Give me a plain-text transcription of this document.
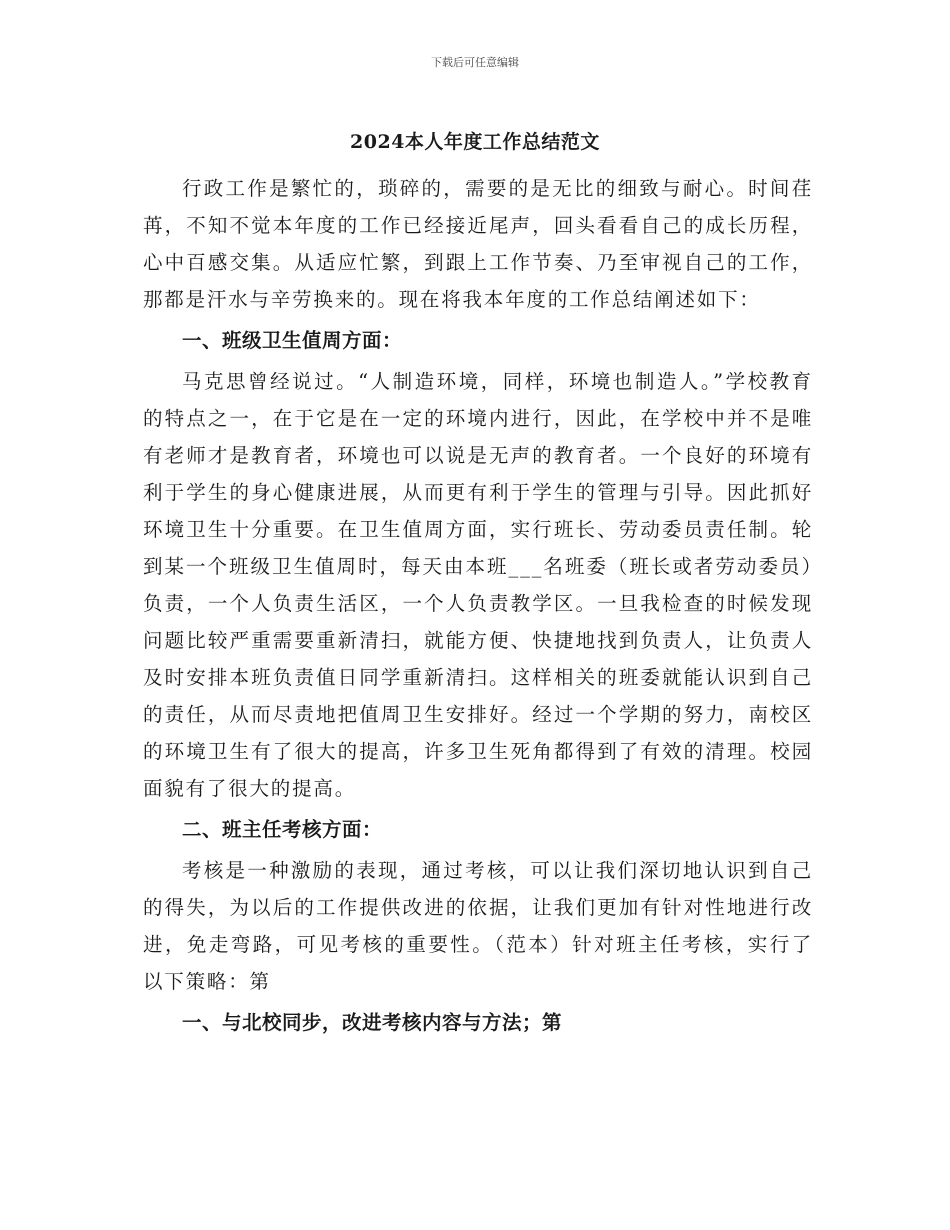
下载后可任意编辑
2024本人年度工作总结范文

行政工作是繁忙的，琐碎的，需要的是无比的细致与耐心。时间荏苒，不知不觉本年度的工作已经接近尾声，回头看看自己的成长历程，心中百感交集。从适应忙繁，到跟上工作节奏、乃至审视自己的工作，那都是汗水与辛劳换来的。现在将我本年度的工作总结阐述如下：

一、班级卫生值周方面：

马克思曾经说过。“人制造环境，同样，环境也制造人。”学校教育的特点之一，在于它是在一定的环境内进行，因此，在学校中并不是唯有老师才是教育者，环境也可以说是无声的教育者。一个良好的环境有利于学生的身心健康进展，从而更有利于学生的管理与引导。因此抓好环境卫生十分重要。在卫生值周方面，实行班长、劳动委员责任制。轮到某一个班级卫生值周时，每天由本班___名班委（班长或者劳动委员）负责，一个人负责生活区，一个人负责教学区。一旦我检查的时候发现问题比较严重需要重新清扫，就能方便、快捷地找到负责人，让负责人及时安排本班负责值日同学重新清扫。这样相关的班委就能认识到自己的责任，从而尽责地把值周卫生安排好。经过一个学期的努力，南校区的环境卫生有了很大的提高，许多卫生死角都得到了有效的清理。校园面貌有了很大的提高。

二、班主任考核方面：

考核是一种激励的表现，通过考核，可以让我们深切地认识到自己的得失，为以后的工作提供改进的依据，让我们更加有针对性地进行改进，免走弯路，可见考核的重要性。（范本）针对班主任考核，实行了以下策略：第

一、与北校同步，改进考核内容与方法；第
